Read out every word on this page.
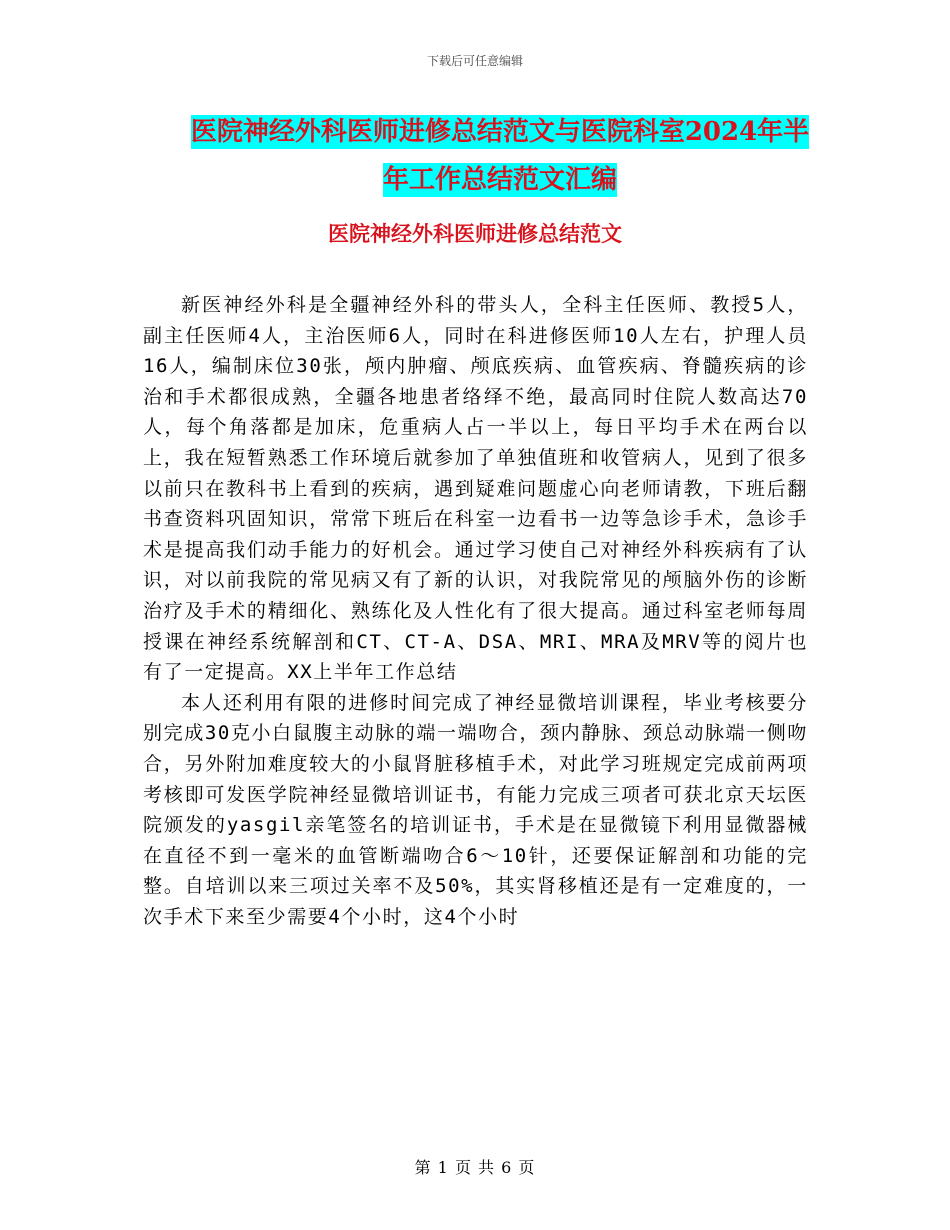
下载后可任意编辑
医院神经外科医师进修总结范文与医院科室2024年半
年工作总结范文汇编
医院神经外科医师进修总结范文

新医神经外科是全疆神经外科的带头人，全科主任医师、教授5人，副主任医师4人，主治医师6人，同时在科进修医师10人左右，护理人员16人，编制床位30张，颅内肿瘤、颅底疾病、血管疾病、脊髓疾病的诊治和手术都很成熟，全疆各地患者络绎不绝，最高同时住院人数高达70人，每个角落都是加床，危重病人占一半以上，每日平均手术在两台以上，我在短暂熟悉工作环境后就参加了单独值班和收管病人，见到了很多以前只在教科书上看到的疾病，遇到疑难问题虚心向老师请教，下班后翻书查资料巩固知识，常常下班后在科室一边看书一边等急诊手术，急诊手术是提高我们动手能力的好机会。通过学习使自己对神经外科疾病有了认识，对以前我院的常见病又有了新的认识，对我院常见的颅脑外伤的诊断治疗及手术的精细化、熟练化及人性化有了很大提高。通过科室老师每周授课在神经系统解剖和CT、CT-A、DSA、MRI、MRA及MRV等的阅片也有了一定提高。XX上半年工作总结

本人还利用有限的进修时间完成了神经显微培训课程，毕业考核要分别完成30克小白鼠腹主动脉的端一端吻合，颈内静脉、颈总动脉端一侧吻合，另外附加难度较大的小鼠肾脏移植手术，对此学习班规定完成前两项考核即可发医学院神经显微培训证书，有能力完成三项者可获北京天坛医院颁发的yasgil亲笔签名的培训证书，手术是在显微镜下利用显微器械在直径不到一毫米的血管断端吻合6～10针，还要保证解剖和功能的完整。自培训以来三项过关率不及50%，其实肾移植还是有一定难度的，一次手术下来至少需要4个小时，这4个小时

第 1 页 共 6 页
